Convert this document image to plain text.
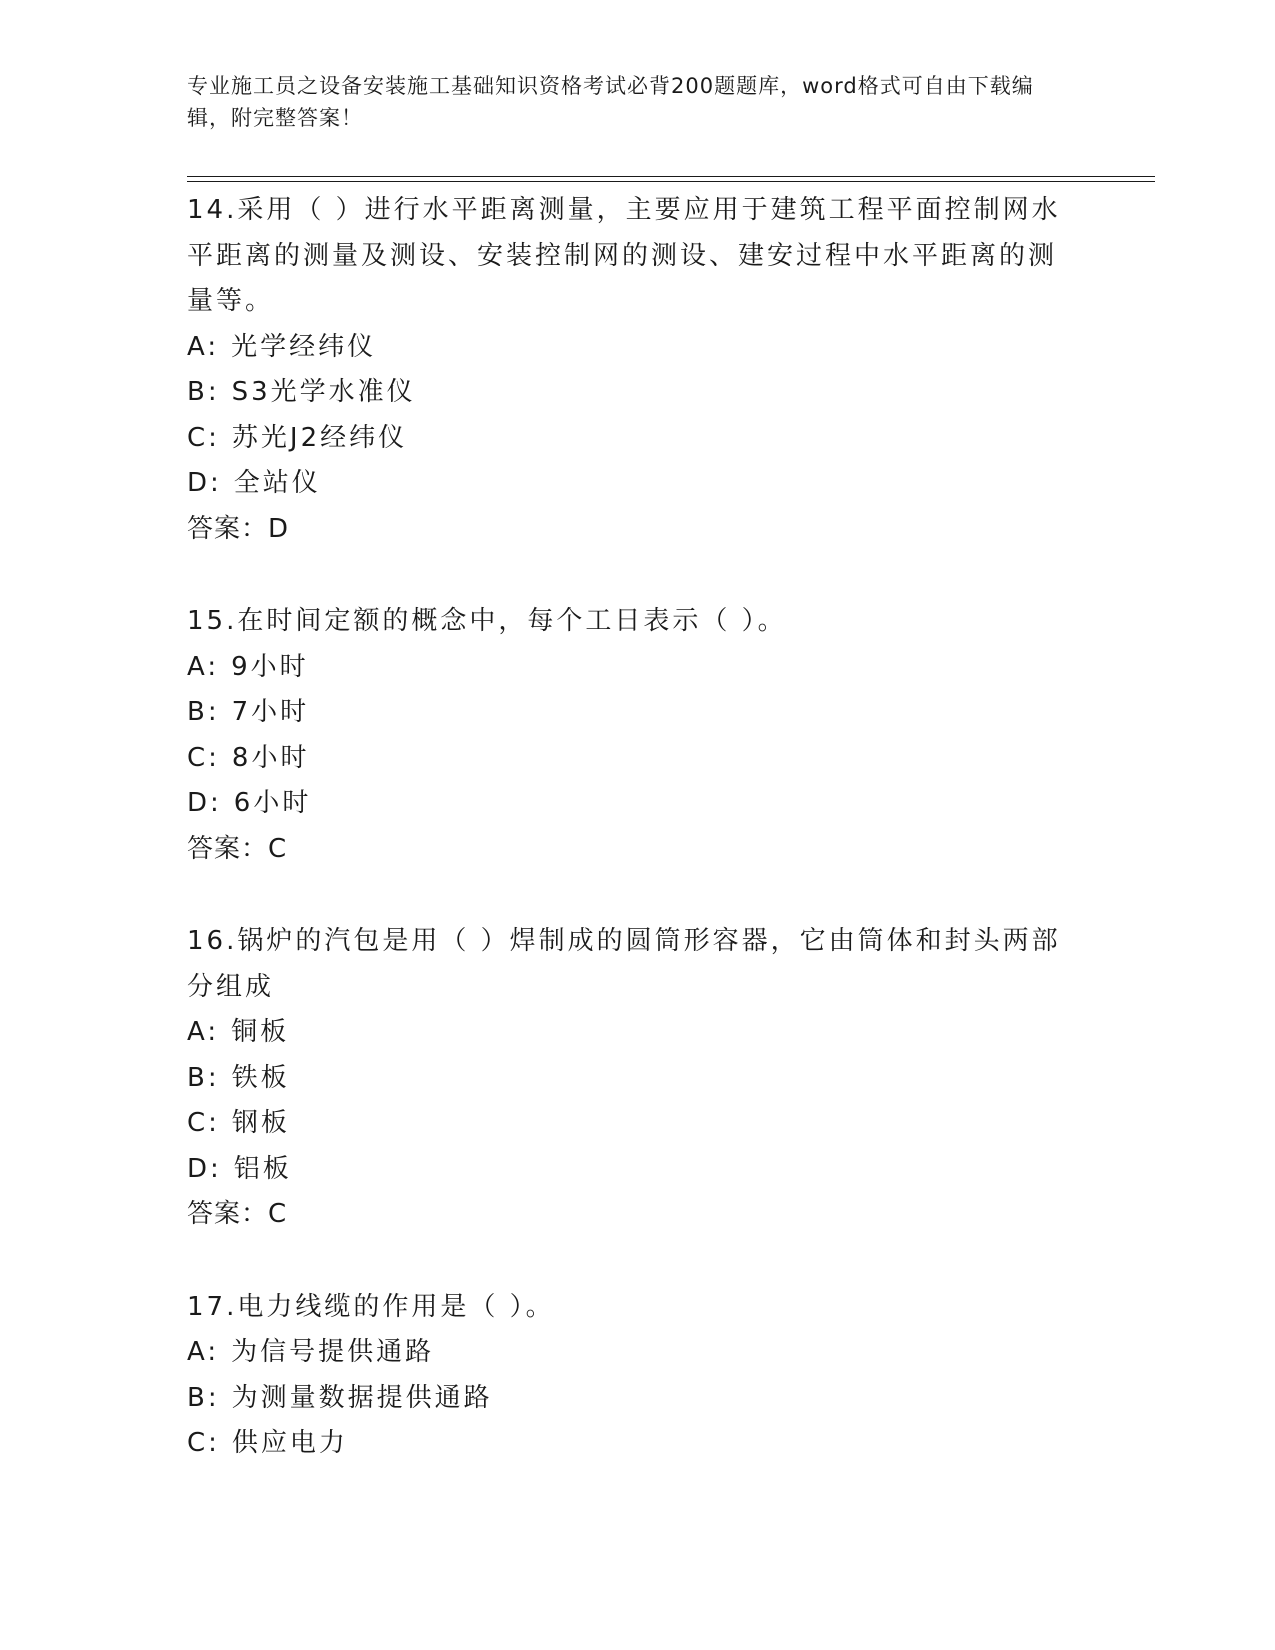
专业施工员之设备安装施工基础知识资格考试必背200题题库，word格式可自由下载编辑，附完整答案！
14.采用（ ）进行水平距离测量，主要应用于建筑工程平面控制网水平距离的测量及测设、安装控制网的测设、建安过程中水平距离的测量等。
A: 光学经纬仪
B: S3光学水准仪
C: 苏光J2经纬仪
D: 全站仪
答案：D
15.在时间定额的概念中，每个工日表示（ ）。
A: 9小时
B: 7小时
C: 8小时
D: 6小时
答案：C
16.锅炉的汽包是用（ ）焊制成的圆筒形容器，它由筒体和封头两部分组成
A: 铜板
B: 铁板
C: 钢板
D: 铝板
答案：C
17.电力线缆的作用是（ ）。
A: 为信号提供通路
B: 为测量数据提供通路
C: 供应电力
